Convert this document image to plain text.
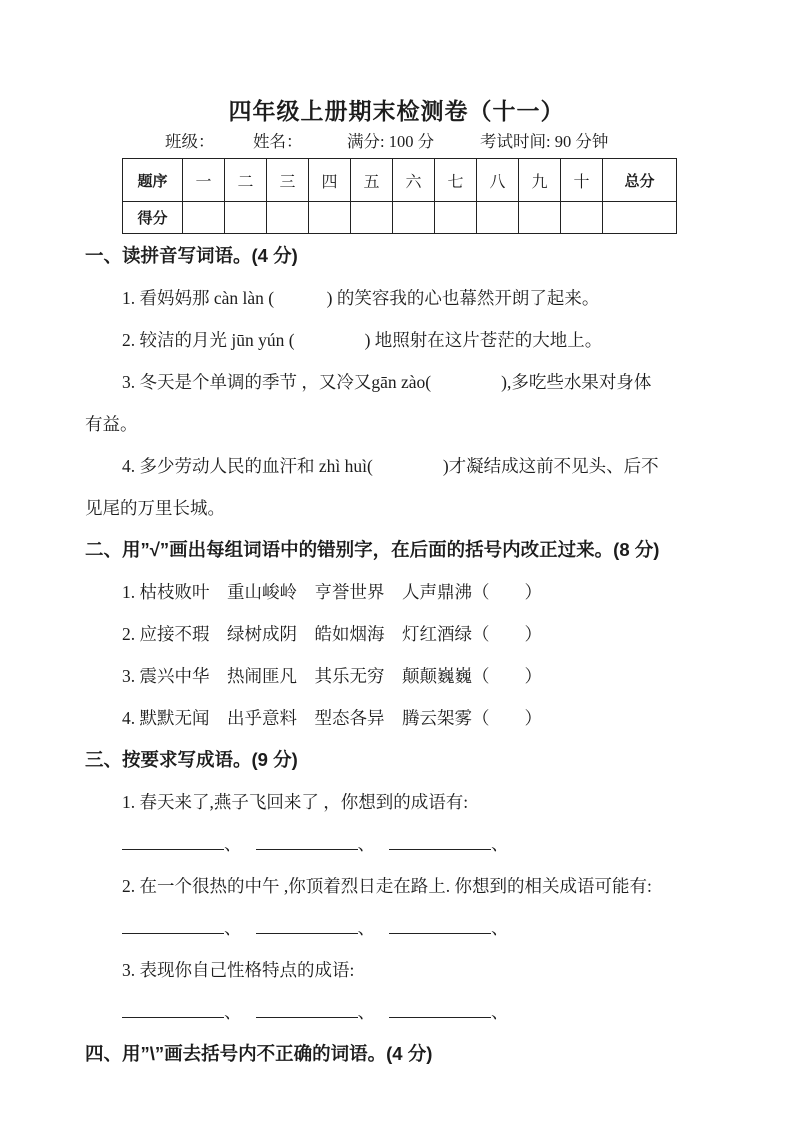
四年级上册期末检测卷（十一）
班级： 姓名：	满分: 100 分	考试时间: 90 分钟
题序	一	二	三	四	五	六	七	八	九	十	总分
得分											
一、读拼音写词语。(4 分)
1. 看妈妈那 càn làn (　　　) 的笑容我的心也幕然开朗了起来。
2. 较洁的月光 jūn yún (　　　　) 地照射在这片苍茫的大地上。
3. 冬天是个单调的季节 ，又冷又gān zào(　　　　),多吃些水果对身体
有益。
4. 多少劳动人民的血汗和 zhì huì(　　　　)才凝结成这前不见头、后不
见尾的万里长城。
二、用”√”画出每组词语中的错别字，在后面的括号内改正过来。(8 分)
1. 枯枝败叶　重山峻岭　亨誉世界　人声鼎沸（　　）
2. 应接不瑕　绿树成阴　皓如烟海　灯红酒绿（　　）
3. 震兴中华　热闹匪凡　其乐无穷　颠颠巍巍（　　）
4. 默默无闻　出乎意料　型态各异　腾云架雾（　　）
三、按要求写成语。(9 分)
1. 春天来了,燕子飞回来了 ，你想到的成语有:
、	、	、
2. 在一个很热的中午 ,你顶着烈日走在路上. 你想到的相关成语可能有:
、	、	、
3. 表现你自己性格特点的成语:
、	、	、
四、用”\”画去括号内不正确的词语。(4 分)
